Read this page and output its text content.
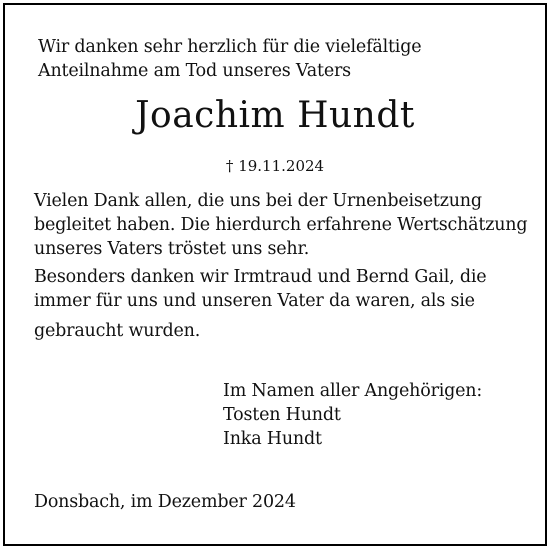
Wir danken sehr herzlich für die vielefältige
Anteilnahme am Tod unseres Vaters
Joachim Hundt
† 19.11.2024
Vielen Dank allen, die uns bei der Urnenbeisetzung
begleitet haben. Die hierdurch erfahrene Wertschätzung
unseres Vaters tröstet uns sehr.
Besonders danken wir Irmtraud und Bernd Gail, die
immer für uns und unseren Vater da waren, als sie
gebraucht wurden.
Im Namen aller Angehörigen:
Tosten Hundt
Inka Hundt
Donsbach, im Dezember 2024
